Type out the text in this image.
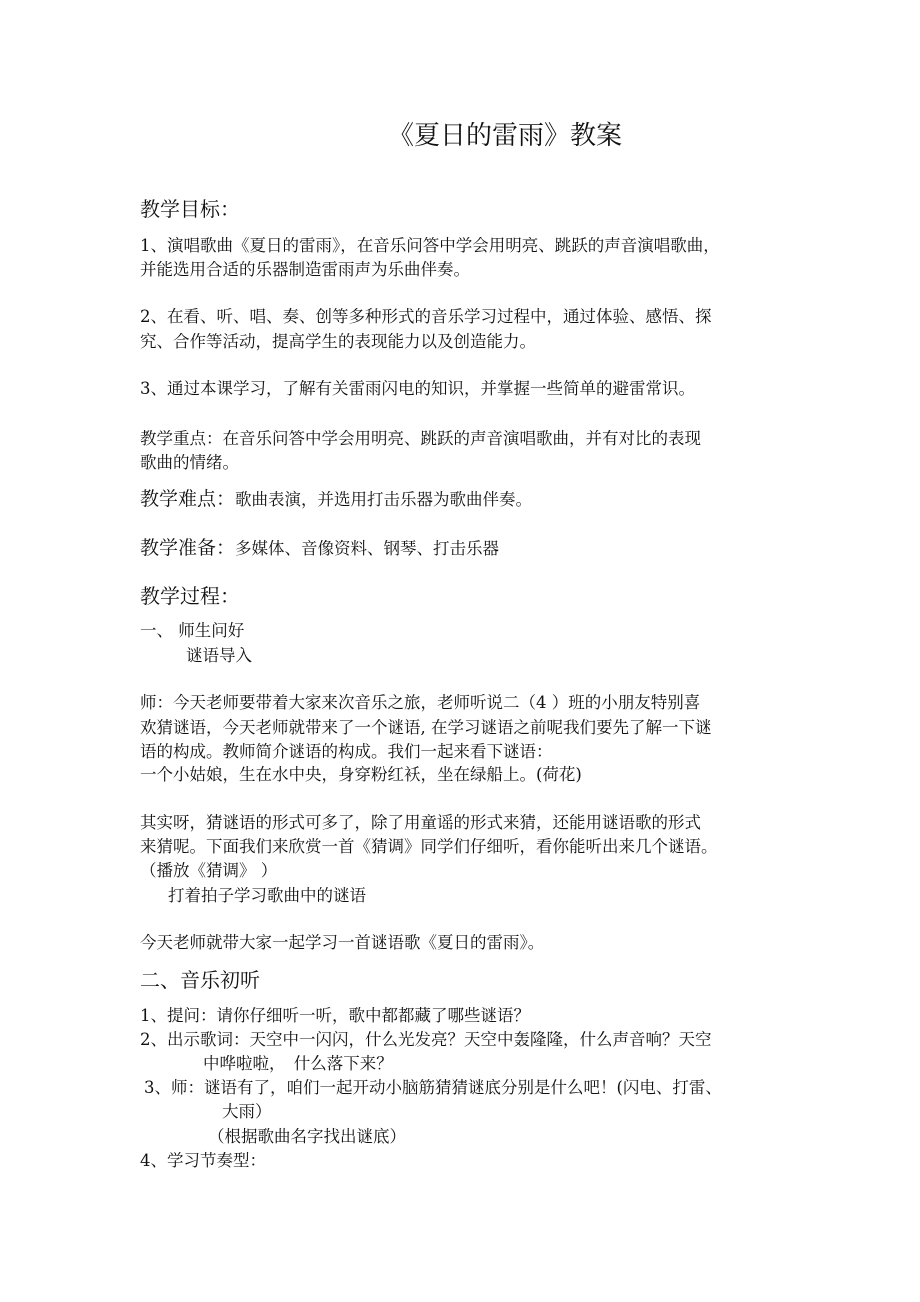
《夏日的雷雨》教案
教学目标：
1、演唱歌曲《夏日的雷雨》，在音乐问答中学会用明亮、跳跃的声音演唱歌曲，
并能选用合适的乐器制造雷雨声为乐曲伴奏。
2、在看、听、唱、奏、创等多种形式的音乐学习过程中，通过体验、感悟、探
究、合作等活动，提高学生的表现能力以及创造能力。
3、通过本课学习，了解有关雷雨闪电的知识，并掌握一些简单的避雷常识。
教学重点：在音乐问答中学会用明亮、跳跃的声音演唱歌曲，并有对比的表现
歌曲的情绪。
教学难点：歌曲表演，并选用打击乐器为歌曲伴奏。
教学准备：多媒体、音像资料、钢琴、打击乐器
教学过程：
一、 师生问好
谜语导入
师：今天老师要带着大家来次音乐之旅，老师听说二（4 ）班的小朋友特别喜
欢猜谜语，今天老师就带来了一个谜语, 在学习谜语之前呢我们要先了解一下谜
语的构成。教师简介谜语的构成。我们一起来看下谜语：
一个小姑娘，生在水中央，身穿粉红袄，坐在绿船上。(荷花)
其实呀，猜谜语的形式可多了，除了用童谣的形式来猜，还能用谜语歌的形式
来猜呢。下面我们来欣赏一首《猜调》同学们仔细听，看你能听出来几个谜语。
（播放《猜调》 ）
打着拍子学习歌曲中的谜语
今天老师就带大家一起学习一首谜语歌《夏日的雷雨》。
二、音乐初听
1、提问：请你仔细听一听，歌中都都藏了哪些谜语？
2、出示歌词：天空中一闪闪，什么光发亮？天空中轰隆隆，什么声音响？天空
中哗啦啦，　什么落下来？
3、师：谜语有了，咱们一起开动小脑筋猜猜谜底分别是什么吧！(闪电、打雷、
大雨）
（根据歌曲名字找出谜底）
4、学习节奏型：
